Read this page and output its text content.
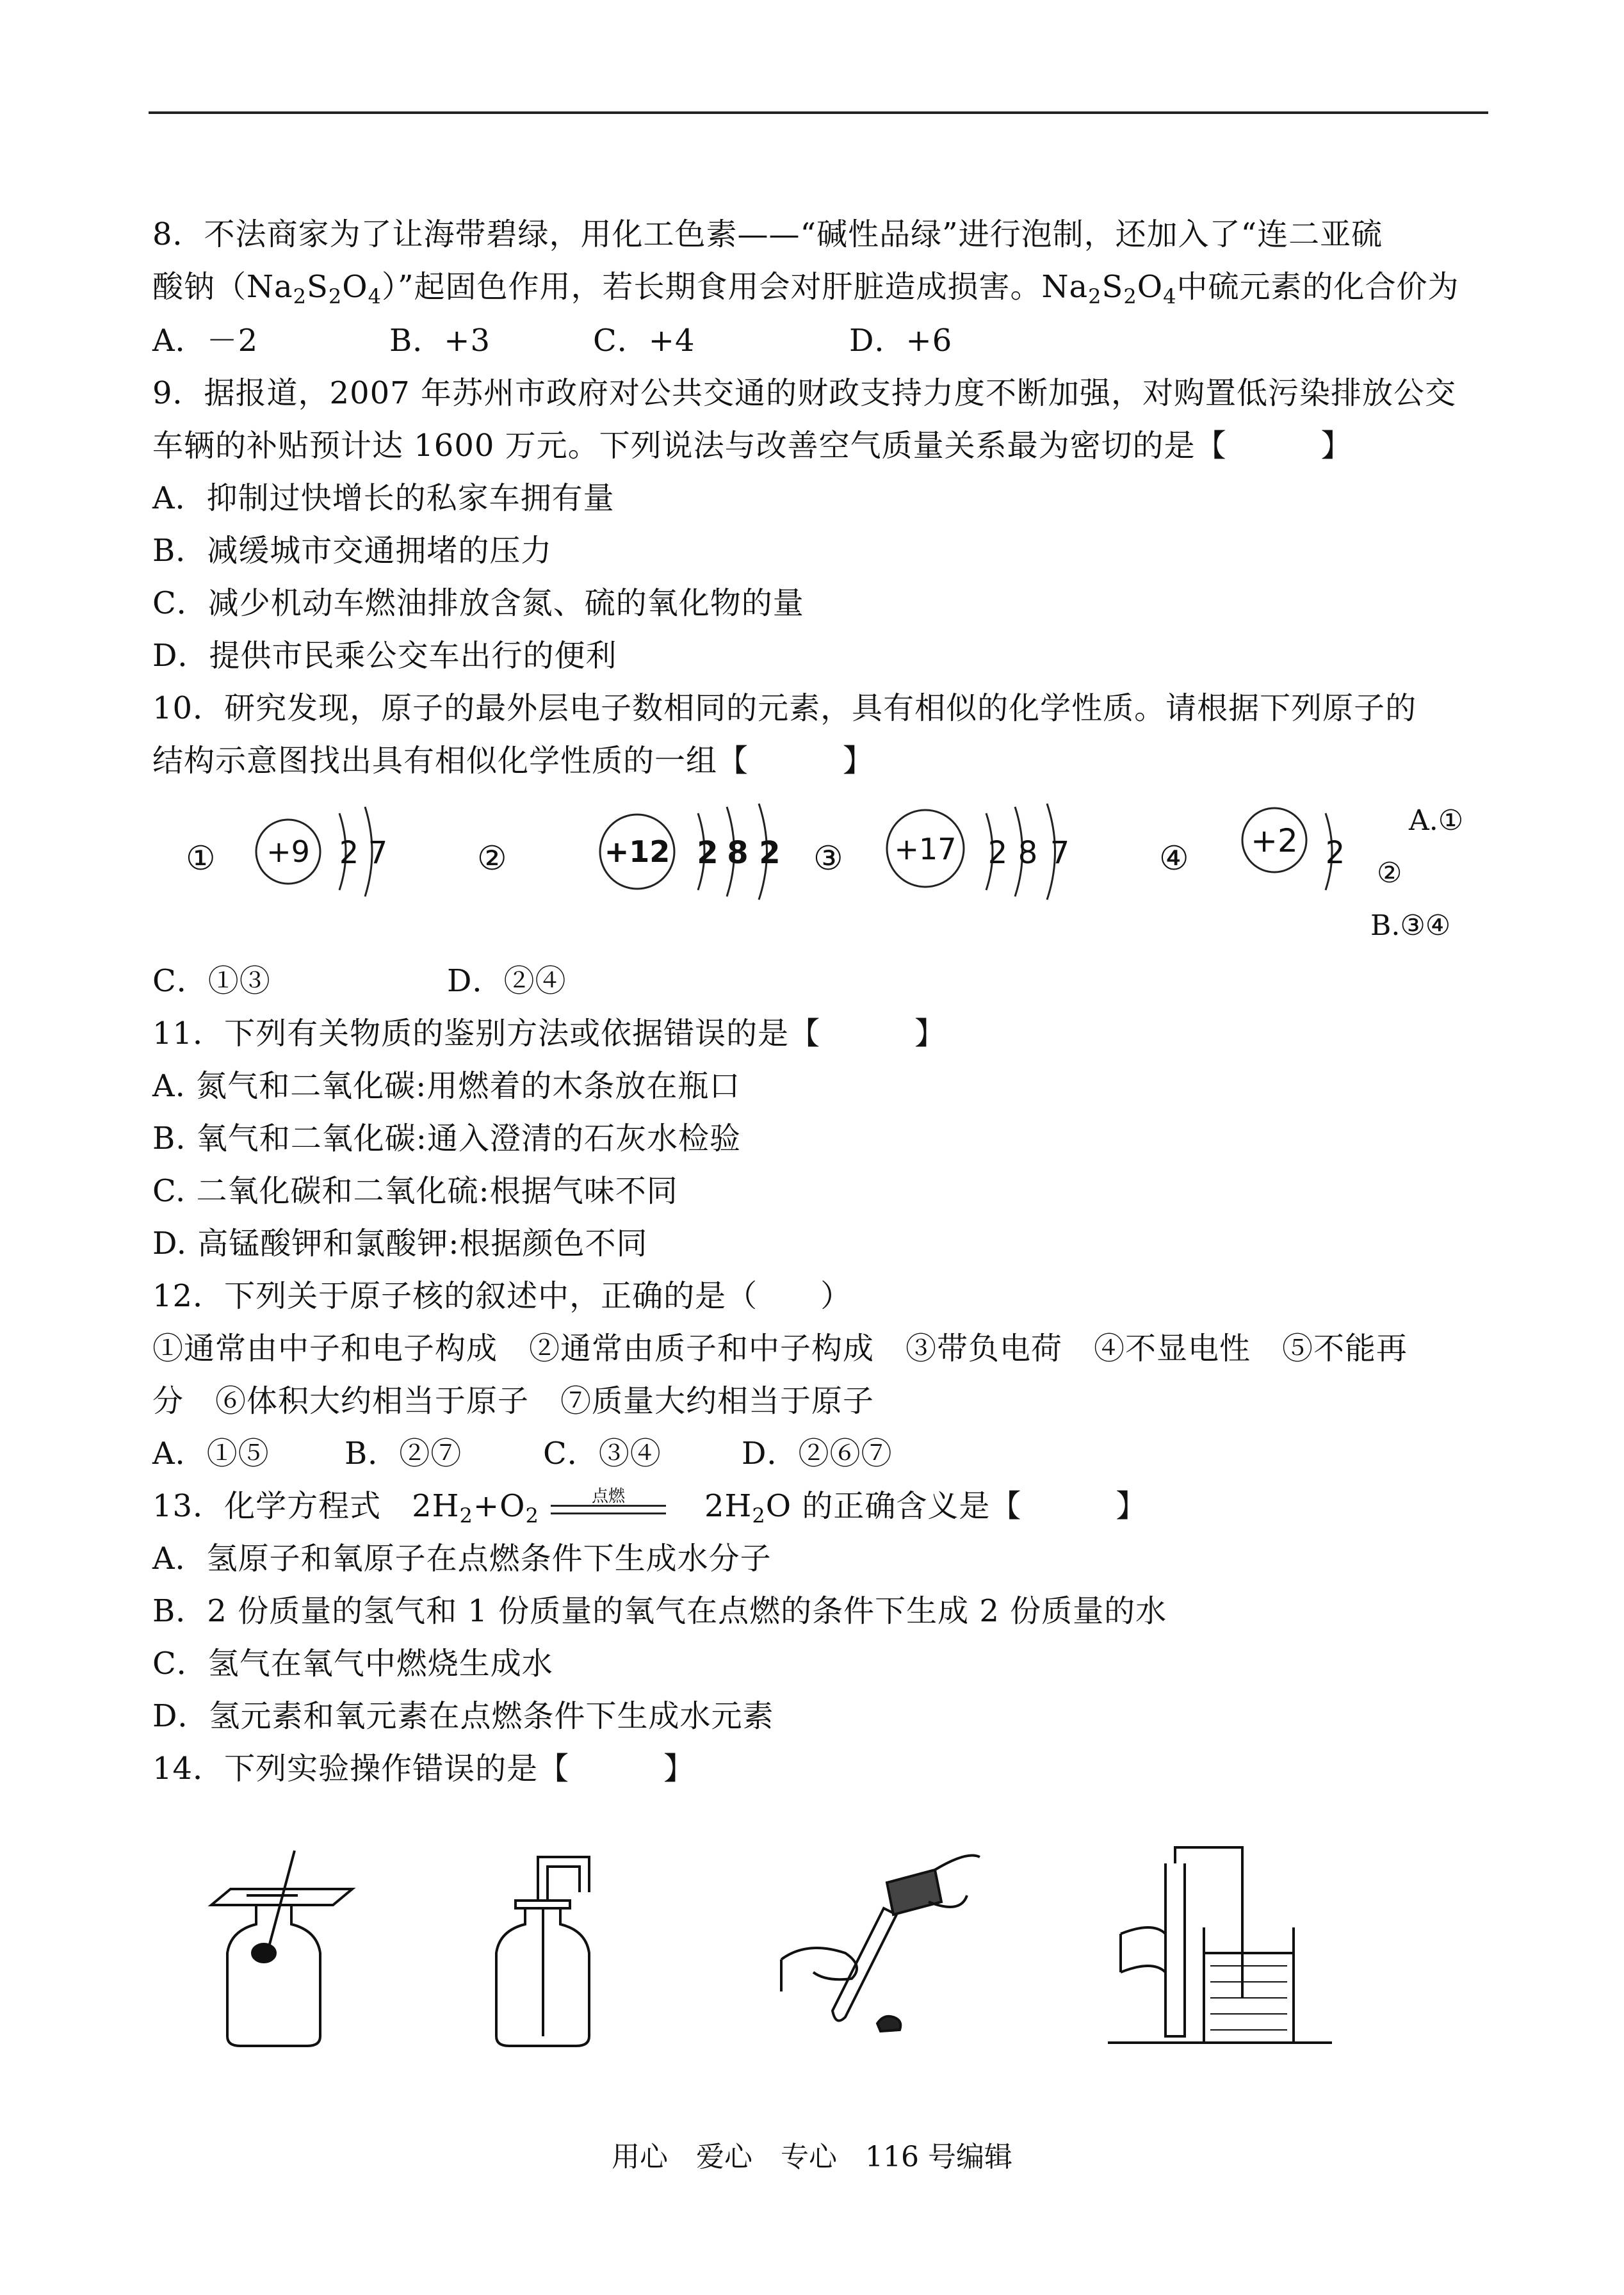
8．不法商家为了让海带碧绿，用化工色素——“碱性品绿”进行泡制，还加入了“连二亚硫
酸钠$(Na_2S_2O_4)$”起固色作用，若长期食用会对肝脏造成损害。$Na_2S_2O_4$中硫元素的化合价为
A．－2	B．+3	C．+4	D．+6
9．据报道，2007 年苏州市政府对公共交通的财政支持力度不断加强，对购置低污染排放公交
车辆的补贴预计达 1600 万元。下列说法与改善空气质量关系最为密切的是【　　　】
A．抑制过快增长的私家车拥有量
B．减缓城市交通拥堵的压力
C．减少机动车燃油排放含氮、硫的氧化物的量
D．提供市民乘公交车出行的便利
10．研究发现，原子的最外层电子数相同的元素，具有相似的化学性质。请根据下列原子的
结构示意图找出具有相似化学性质的一组【　　　】
① +9 2 7	②	+12 2 8 2 ③ +17 2 8 7	④ +2 2
A.①
②
B.③④
C．①③	D．②④
11．下列有关物质的鉴别方法或依据错误的是【　　　】
A. 氮气和二氧化碳:用燃着的木条放在瓶口
B. 氧气和二氧化碳:通入澄清的石灰水检验
C. 二氧化碳和二氧化硫:根据气味不同
D. 高锰酸钾和氯酸钾:根据颜色不同
12．下列关于原子核的叙述中，正确的是（　　）
①通常由中子和电子构成　②通常由质子和中子构成　③带负电荷　④不显电性　⑤不能再
分　⑥体积大约相当于原子　⑦质量大约相当于原子
A．①⑤ B．②⑦	C．③④	D．②⑥⑦
13．化学方程式 $2H_2+O_2$
点燃	$2H_2O$ 的正确含义是【　　　】
A．氢原子和氧原子在点燃条件下生成水分子
B．2 份质量的氢气和 1 份质量的氧气在点燃的条件下生成 2 份质量的水
C．氢气在氧气中燃烧生成水
D．氢元素和氧元素在点燃条件下生成水元素
14．下列实验操作错误的是【　　　】
用心　爱心　专心　116 号编辑
